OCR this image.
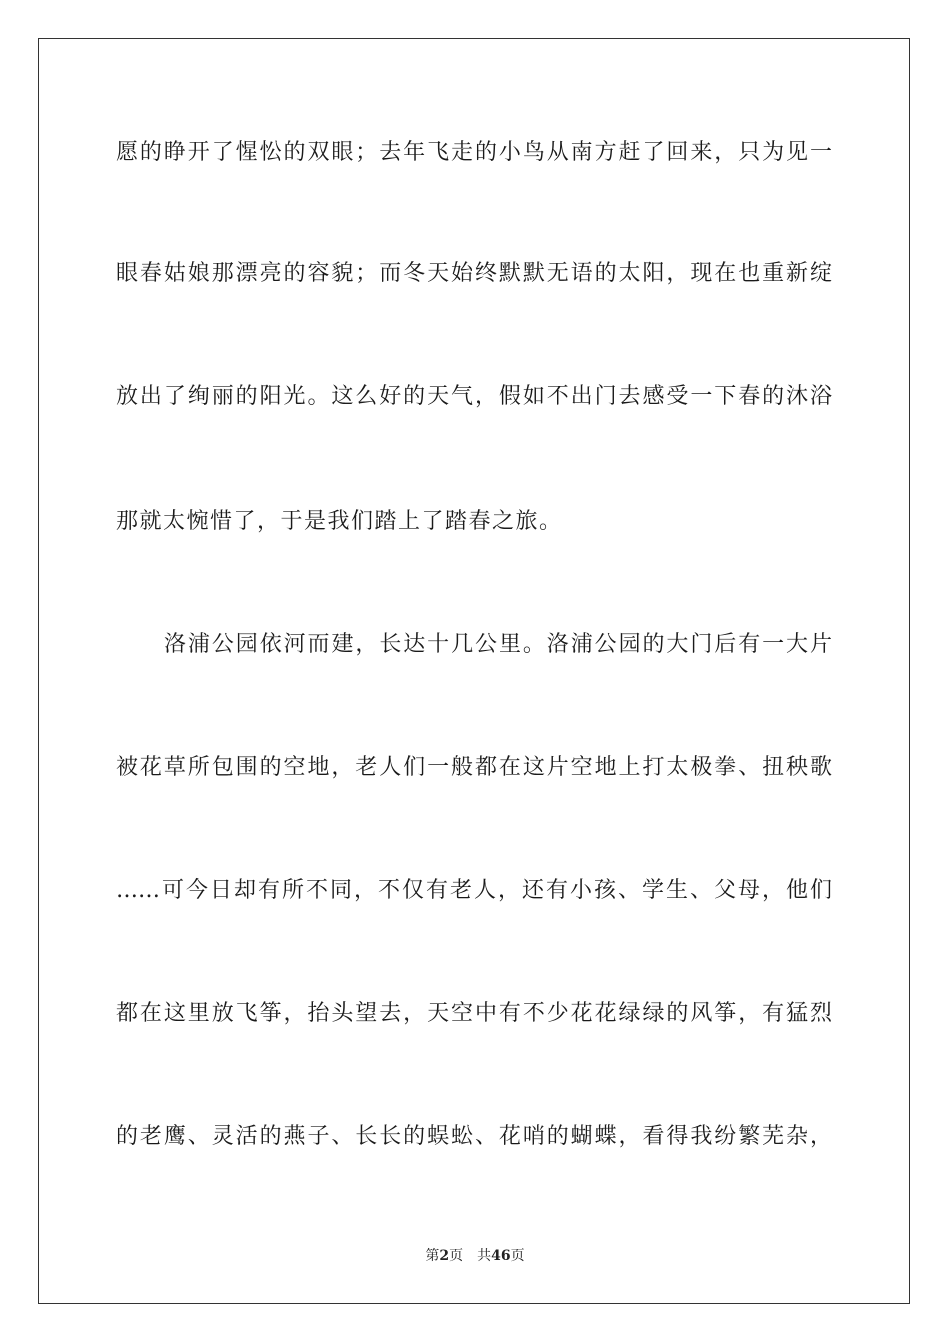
愿的睁开了惺忪的双眼；去年飞走的小鸟从南方赶了回来，只为见一
眼春姑娘那漂亮的容貌；而冬天始终默默无语的太阳，现在也重新绽
放出了绚丽的阳光。这么好的天气，假如不出门去感受一下春的沐浴
那就太惋惜了，于是我们踏上了踏春之旅。
洛浦公园依河而建，长达十几公里。洛浦公园的大门后有一大片
被花草所包围的空地，老人们一般都在这片空地上打太极拳、扭秧歌
……可今日却有所不同，不仅有老人，还有小孩、学生、父母，他们
都在这里放飞筝，抬头望去，天空中有不少花花绿绿的风筝，有猛烈
的老鹰、灵活的燕子、长长的蜈蚣、花哨的蝴蝶，看得我纷繁芜杂，
第2页 共46页
